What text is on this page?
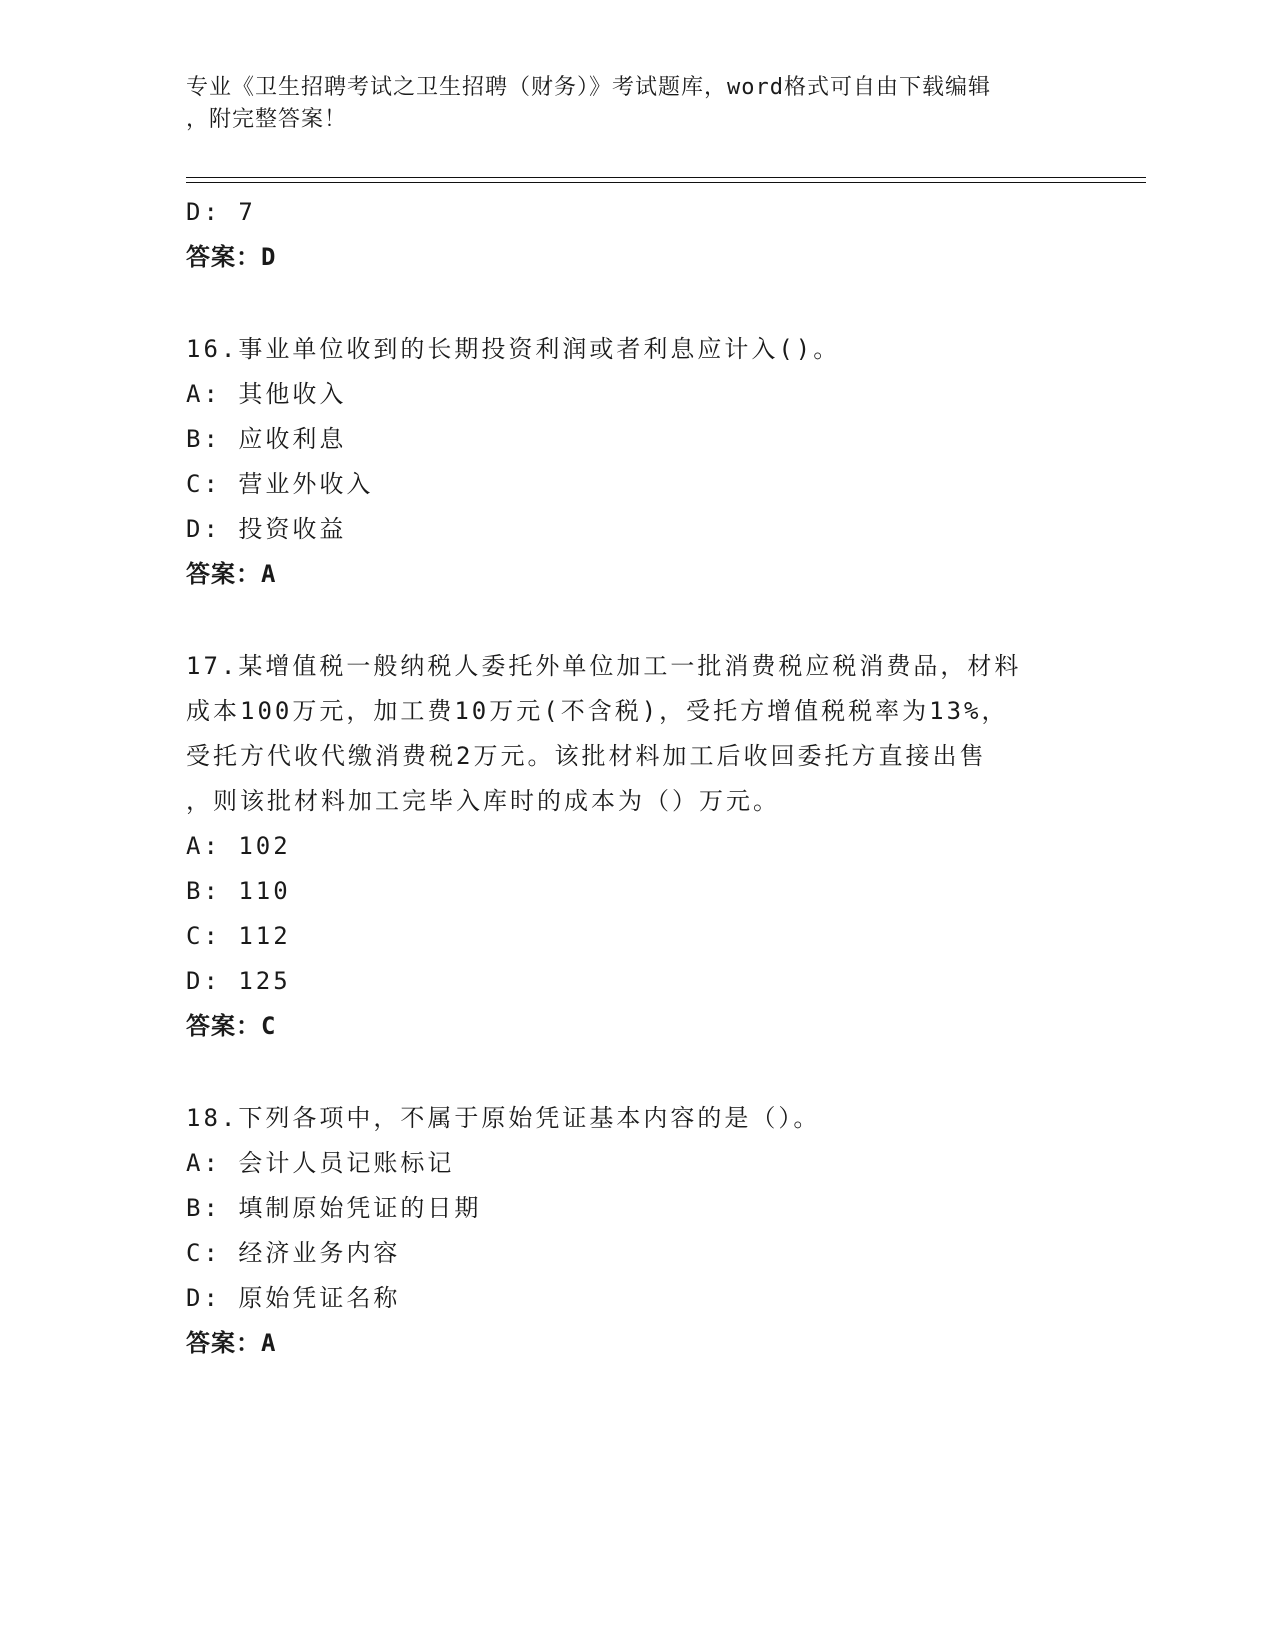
专业《卫生招聘考试之卫生招聘（财务）》考试题库，word格式可自由下载编辑
，附完整答案！
D: 7
答案：D
16.事业单位收到的长期投资利润或者利息应计入()。
A: 其他收入
B: 应收利息
C: 营业外收入
D: 投资收益
答案：A
17.某增值税一般纳税人委托外单位加工一批消费税应税消费品，材料
成本100万元，加工费10万元(不含税)，受托方增值税税率为13%，
受托方代收代缴消费税2万元。该批材料加工后收回委托方直接出售
，则该批材料加工完毕入库时的成本为（）万元。
A: 102
B: 110
C: 112
D: 125
答案：C
18.下列各项中，不属于原始凭证基本内容的是（）。
A: 会计人员记账标记
B: 填制原始凭证的日期
C: 经济业务内容
D: 原始凭证名称
答案：A
